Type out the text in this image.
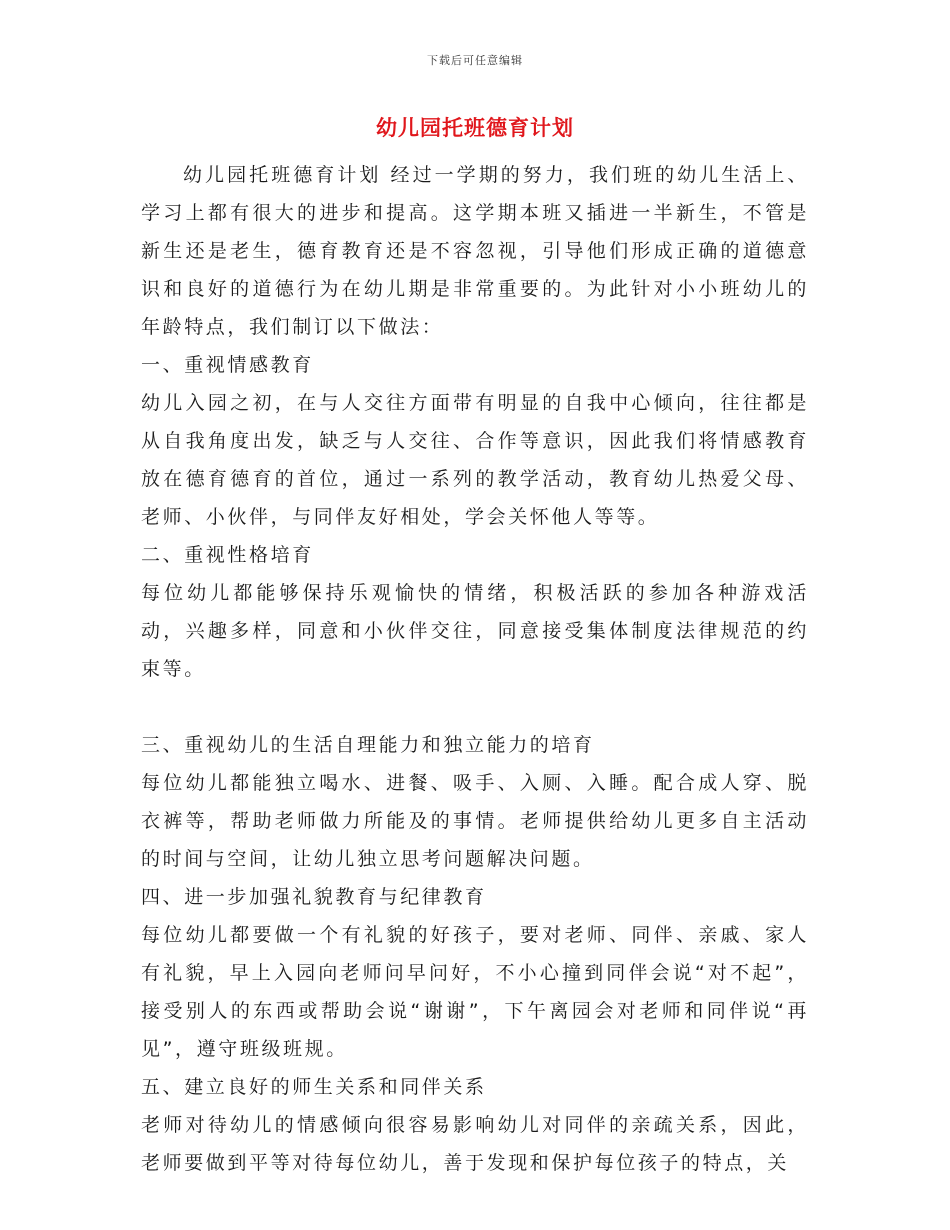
下载后可任意编辑
幼儿园托班德育计划

幼儿园托班德育计划 经过一学期的努力，我们班的幼儿生活上、学习上都有很大的进步和提高。这学期本班又插进一半新生，不管是新生还是老生，德育教育还是不容忽视，引导他们形成正确的道德意识和良好的道德行为在幼儿期是非常重要的。为此针对小小班幼儿的年龄特点，我们制订以下做法：

一、重视情感教育

幼儿入园之初，在与人交往方面带有明显的自我中心倾向，往往都是从自我角度出发，缺乏与人交往、合作等意识，因此我们将情感教育放在德育德育的首位，通过一系列的教学活动，教育幼儿热爱父母、老师、小伙伴，与同伴友好相处，学会关怀他人等等。

二、重视性格培育

每位幼儿都能够保持乐观愉快的情绪，积极活跃的参加各种游戏活动，兴趣多样，同意和小伙伴交往，同意接受集体制度法律规范的约束等。

三、重视幼儿的生活自理能力和独立能力的培育

每位幼儿都能独立喝水、进餐、吸手、入厕、入睡。配合成人穿、脱衣裤等，帮助老师做力所能及的事情。老师提供给幼儿更多自主活动的时间与空间，让幼儿独立思考问题解决问题。

四、进一步加强礼貌教育与纪律教育

每位幼儿都要做一个有礼貌的好孩子，要对老师、同伴、亲戚、家人有礼貌，早上入园向老师问早问好，不小心撞到同伴会说“对不起”，接受别人的东西或帮助会说“谢谢”，下午离园会对老师和同伴说“再见”，遵守班级班规。

五、建立良好的师生关系和同伴关系

老师对待幼儿的情感倾向很容易影响幼儿对同伴的亲疏关系，因此，老师要做到平等对待每位幼儿，善于发现和保护每位孩子的特点，关
